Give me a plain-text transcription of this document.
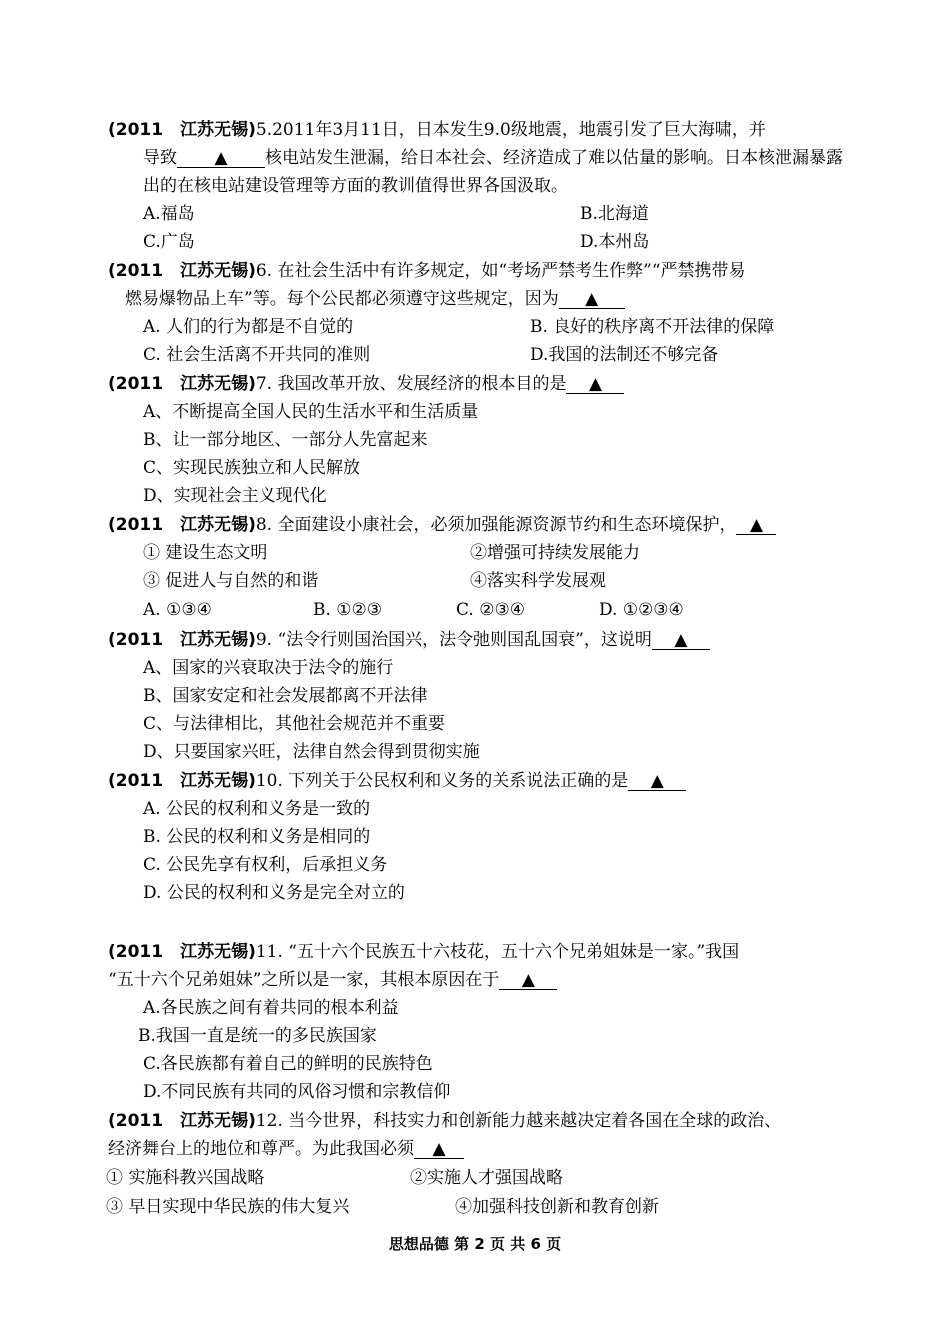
(2011　江苏无锡)5.2011年3月11日，日本发生9.0级地震，地震引发了巨大海啸，并
导致 ▲ 核电站发生泄漏，给日本社会、经济造成了难以估量的影响。日本核泄漏暴露
出的在核电站建设管理等方面的教训值得世界各国汲取。
A.福岛	B.北海道
C.广岛	D.本州岛
(2011　江苏无锡)6. 在社会生活中有许多规定，如“考场严禁考生作弊”“严禁携带易
燃易爆物品上车”等。每个公民都必须遵守这些规定，因为 ▲
A. 人们的行为都是不自觉的	B. 良好的秩序离不开法律的保障
C. 社会生活离不开共同的准则	D.我国的法制还不够完备
(2011　江苏无锡)7. 我国改革开放、发展经济的根本目的是 ▲
A、不断提高全国人民的生活水平和生活质量
B、让一部分地区、一部分人先富起来
C、实现民族独立和人民解放
D、实现社会主义现代化
(2011　江苏无锡)8. 全面建设小康社会，必须加强能源资源节约和生态环境保护， ▲
① 建设生态文明	②增强可持续发展能力
③ 促进人与自然的和谐	④落实科学发展观
A. ①③④	B. ①②③	C. ②③④	D. ①②③④
(2011　江苏无锡)9. “法令行则国治国兴，法令弛则国乱国衰”，这说明 ▲
A、国家的兴衰取决于法令的施行
B、国家安定和社会发展都离不开法律
C、与法律相比，其他社会规范并不重要
D、只要国家兴旺，法律自然会得到贯彻实施
(2011　江苏无锡)10. 下列关于公民权利和义务的关系说法正确的是 ▲
A. 公民的权利和义务是一致的
B. 公民的权利和义务是相同的
C. 公民先享有权利，后承担义务
D. 公民的权利和义务是完全对立的
(2011　江苏无锡)11. “五十六个民族五十六枝花，五十六个兄弟姐妹是一家。”我国
“五十六个兄弟姐妹”之所以是一家，其根本原因在于 ▲
A.各民族之间有着共同的根本利益
B.我国一直是统一的多民族国家
C.各民族都有着自己的鲜明的民族特色
D.不同民族有共同的风俗习惯和宗教信仰
(2011　江苏无锡)12. 当今世界，科技实力和创新能力越来越决定着各国在全球的政治、
经济舞台上的地位和尊严。为此我国必须 ▲
① 实施科教兴国战略	②实施人才强国战略
③ 早日实现中华民族的伟大复兴	④加强科技创新和教育创新
思想品德 第 2 页 共 6 页
